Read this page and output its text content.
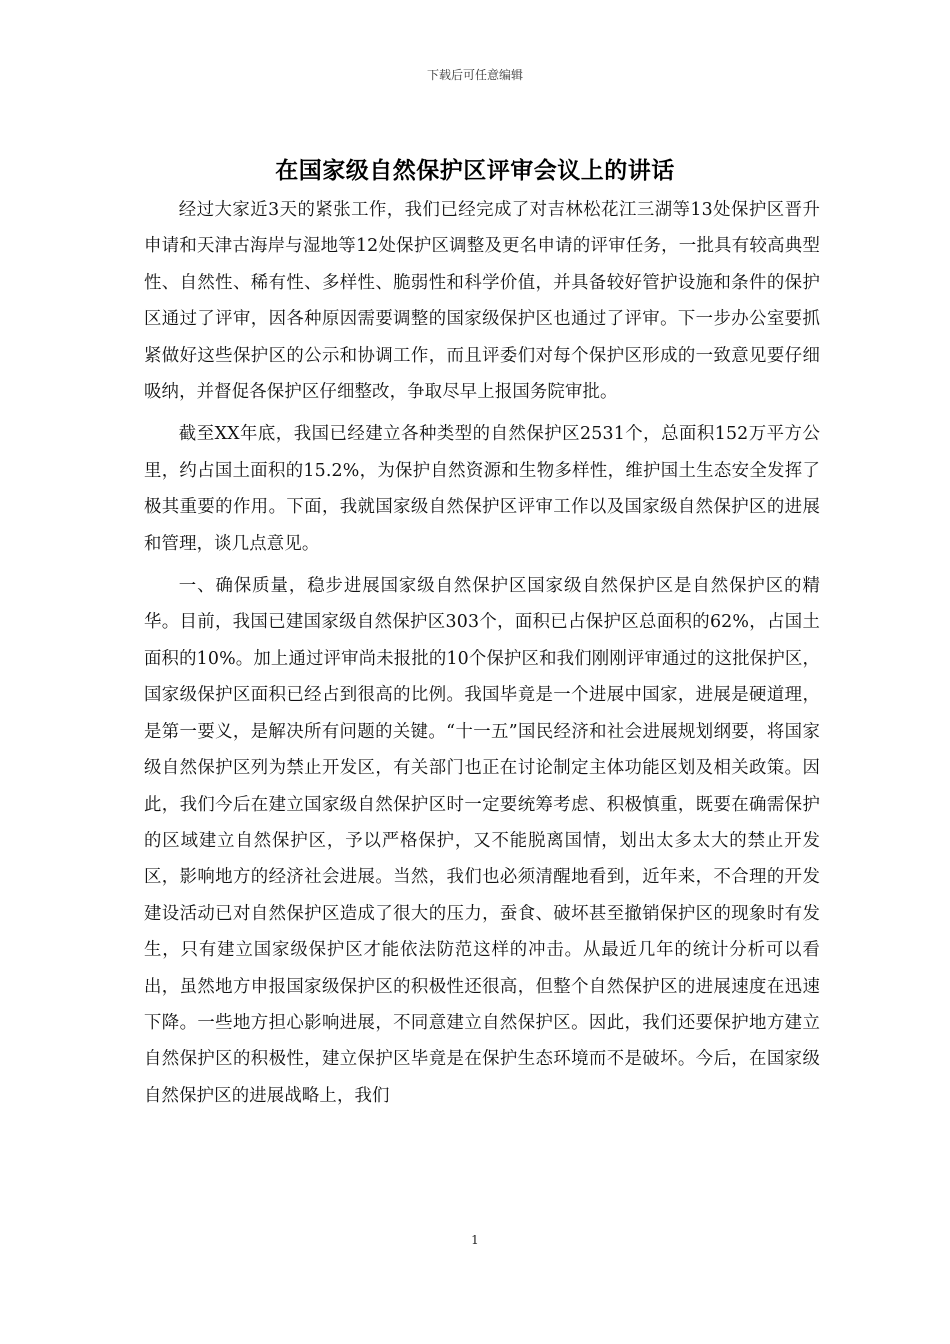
下载后可任意编辑
在国家级自然保护区评审会议上的讲话

经过大家近3天的紧张工作，我们已经完成了对吉林松花江三湖等13处保护区晋升申请和天津古海岸与湿地等12处保护区调整及更名申请的评审任务，一批具有较高典型性、自然性、稀有性、多样性、脆弱性和科学价值，并具备较好管护设施和条件的保护区通过了评审，因各种原因需要调整的国家级保护区也通过了评审。下一步办公室要抓紧做好这些保护区的公示和协调工作，而且评委们对每个保护区形成的一致意见要仔细吸纳，并督促各保护区仔细整改，争取尽早上报国务院审批。

截至XX年底，我国已经建立各种类型的自然保护区2531个，总面积152万平方公里，约占国土面积的15.2%，为保护自然资源和生物多样性，维护国土生态安全发挥了极其重要的作用。下面，我就国家级自然保护区评审工作以及国家级自然保护区的进展和管理，谈几点意见。

一、确保质量，稳步进展国家级自然保护区国家级自然保护区是自然保护区的精华。目前，我国已建国家级自然保护区303个，面积已占保护区总面积的62%，占国土面积的10%。加上通过评审尚未报批的10个保护区和我们刚刚评审通过的这批保护区，国家级保护区面积已经占到很高的比例。我国毕竟是一个进展中国家，进展是硬道理，是第一要义，是解决所有问题的关键。“十一五”国民经济和社会进展规划纲要，将国家级自然保护区列为禁止开发区，有关部门也正在讨论制定主体功能区划及相关政策。因此，我们今后在建立国家级自然保护区时一定要统筹考虑、积极慎重，既要在确需保护的区域建立自然保护区，予以严格保护，又不能脱离国情，划出太多太大的禁止开发区，影响地方的经济社会进展。当然，我们也必须清醒地看到，近年来，不合理的开发建设活动已对自然保护区造成了很大的压力，蚕食、破坏甚至撤销保护区的现象时有发生，只有建立国家级保护区才能依法防范这样的冲击。从最近几年的统计分析可以看出，虽然地方申报国家级保护区的积极性还很高，但整个自然保护区的进展速度在迅速下降。一些地方担心影响进展，不同意建立自然保护区。因此，我们还要保护地方建立自然保护区的积极性，建立保护区毕竟是在保护生态环境而不是破坏。今后，在国家级自然保护区的进展战略上，我们

1
